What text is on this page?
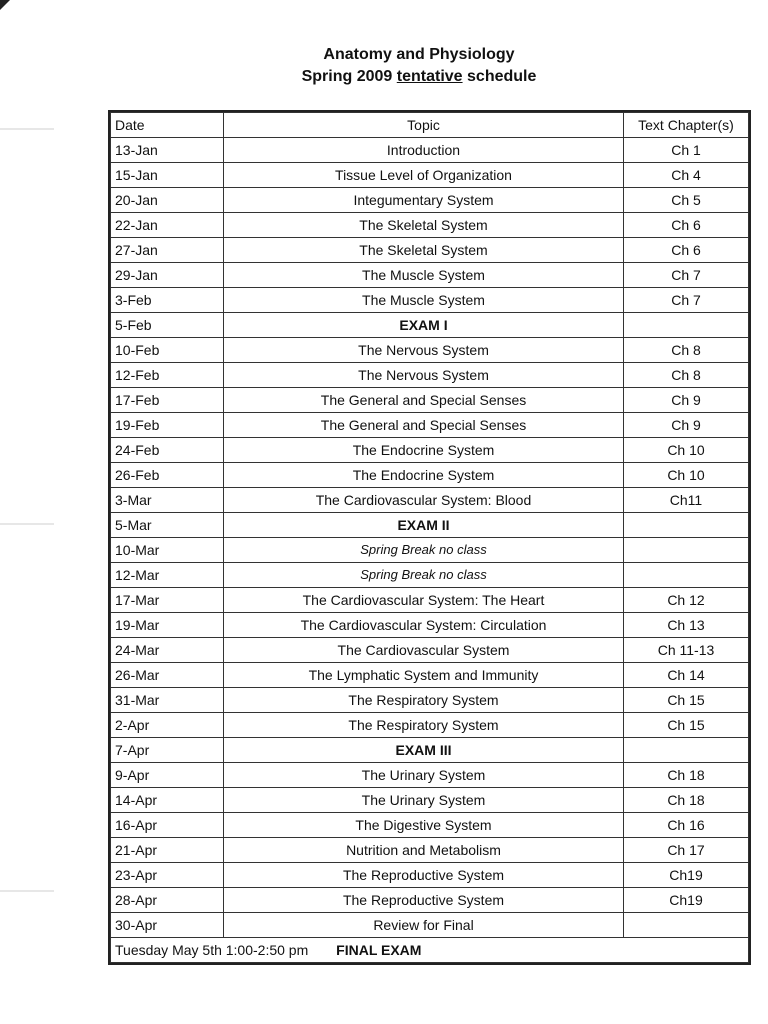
Anatomy and Physiology
Spring 2009 tentative schedule
Date	Topic	Text Chapter(s)
13-Jan	Introduction	Ch 1
15-Jan	Tissue Level of Organization	Ch 4
20-Jan	Integumentary System	Ch 5
22-Jan	The Skeletal System	Ch 6
27-Jan	The Skeletal System	Ch 6
29-Jan	The Muscle System	Ch 7
3-Feb	The Muscle System	Ch 7
5-Feb	EXAM I	
10-Feb	The Nervous System	Ch 8
12-Feb	The Nervous System	Ch 8
17-Feb	The General and Special Senses	Ch 9
19-Feb	The General and Special Senses	Ch 9
24-Feb	The Endocrine System	Ch 10
26-Feb	The Endocrine System	Ch 10
3-Mar	The Cardiovascular System: Blood	Ch11
5-Mar	EXAM II	
10-Mar	Spring Break no class	
12-Mar	Spring Break no class	
17-Mar	The Cardiovascular System: The Heart	Ch 12
19-Mar	The Cardiovascular System: Circulation	Ch 13
24-Mar	The Cardiovascular System	Ch 11-13
26-Mar	The Lymphatic System and Immunity	Ch 14
31-Mar	The Respiratory System	Ch 15
2-Apr	The Respiratory System	Ch 15
7-Apr	EXAM III	
9-Apr	The Urinary System	Ch 18
14-Apr	The Urinary System	Ch 18
16-Apr	The Digestive System	Ch 16
21-Apr	Nutrition and Metabolism	Ch 17
23-Apr	The Reproductive System	Ch19
28-Apr	The Reproductive System	Ch19
30-Apr	Review for Final	
Tuesday May 5th 1:00-2:50 pm FINAL EXAM		
